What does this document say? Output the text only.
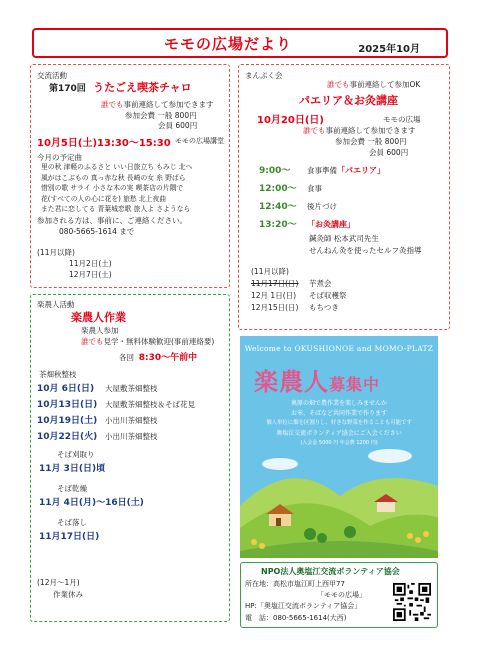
モモの広場だより	2025年10月
交流活動
第170回 うたごえ喫茶チャロ
誰でも事前連絡して参加できます
参加会費 一般 800円
会員 600円
10月5日(土)13:30～15:30 モモの広場講堂
今月の予定曲
里の秋 津軽のふるさと いい日旅立ち もみじ 北へ
風がはこぶもの 真っ赤な秋 長崎の女 糸 野ばら
惜別の歌 サライ 小さな木の実 喫茶店の片隅で
花(すべての人の心に花を) 旅愁 北上夜曲
また君に恋してる 青葉城恋歌 旅人よ さようなら
参加される方は、事前に、ご連絡ください。
080-5665-1614 まで
(11月以降)
11月2日(土)
12月7日(土)
まんぷく会
誰でも事前連絡して参加OK
パエリア＆お灸講座
10月20日(日)	モモの広場
誰でも事前連絡して参加できます
参加会費 一般 800円
会員 600円
9:00～ 食事準備「パエリア」
12:00～ 食事
12:40～ 後片づけ
13:20～ 「お灸講座」
鍼灸師 松本武司先生
せんねん灸を使ったセルフ灸指導
(11月以降)
11月17日(日) 芋煮会
12月 1日(日) そば収穫祭
12月15日(日) もちつき
楽農人活動
楽農人作業
楽農人参加
誰でも見学・無料体験歓迎(事前連絡要)
各回 8:30～午前中
茶畑秋整枝
10月 6日(日) 大屋敷茶畑整枝
10月13日(日) 大屋敷茶畑整枝＆そば花見
10月19日(土) 小出川茶畑整枝
10月22日(火) 小出川茶畑整枝
そば刈取り
11月 3日(日)頃
そば乾燥
11月 4日(月)～16日(土)
そば落し
11月17日(日)
(12月～1月)
作業休み
Welcome to OKUSHIONOE and MOMO-PLATZ
楽農人募集中
奥原の畑で農作業を楽しみませんか
お米、そばなど共同作業で作ります
個人単位に畑を区割りし、好きな野菜を作ることも可能です
奥塩江交流ボランティア協会にご入会ください
(入会金 5000 円 年会費 1200 円)
NPO法人奥塩江交流ボランティア協会
所在地：高松市塩江町上西甲77
「モモの広場」
HP:「奥塩江交流ボランティア協会」
電　話：080-5665-1614(大西)
